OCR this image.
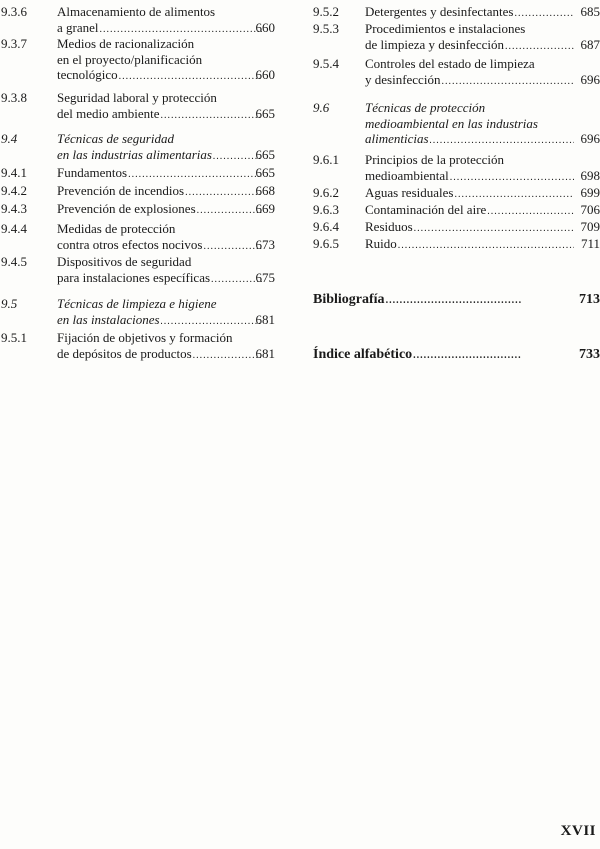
9.3.6 Almacenamiento de alimentos
a granel .....	660
9.3.7 Medios de racionalización
en el proyecto/planificación
tecnológico .....	660
9.3.8 Seguridad laboral y protección
del medio ambiente .....	665
9.4	Técnicas de seguridad
en las industrias alimentarias .....	665
9.4.1 Fundamentos .....	665
9.4.2 Prevención de incendios .....	668
9.4.3 Prevención de explosiones .....	669
9.4.4 Medidas de protección
contra otros efectos nocivos .....	673
9.4.5 Dispositivos de seguridad
para instalaciones específicas .....	675
9.5	Técnicas de limpieza e higiene
en las instalaciones .....	681
9.5.1 Fijación de objetivos y formación
de depósitos de productos .....	681
9.5.2 Detergentes y desinfectantes .....	685
9.5.3 Procedimientos e instalaciones
de limpieza y desinfección .....	687
9.5.4 Controles del estado de limpieza
y desinfección .....	696
9.6	Técnicas de protección
medioambiental en las industrias
alimenticias .....	696
9.6.1 Principios de la protección
medioambiental .....	698
9.6.2 Aguas residuales .....	699
9.6.3 Contaminación del aire .....	706
9.6.4 Residuos .....	709
9.6.5 Ruido .....	711
Bibliografía .....	713
Índice alfabético .....	733
XVII
